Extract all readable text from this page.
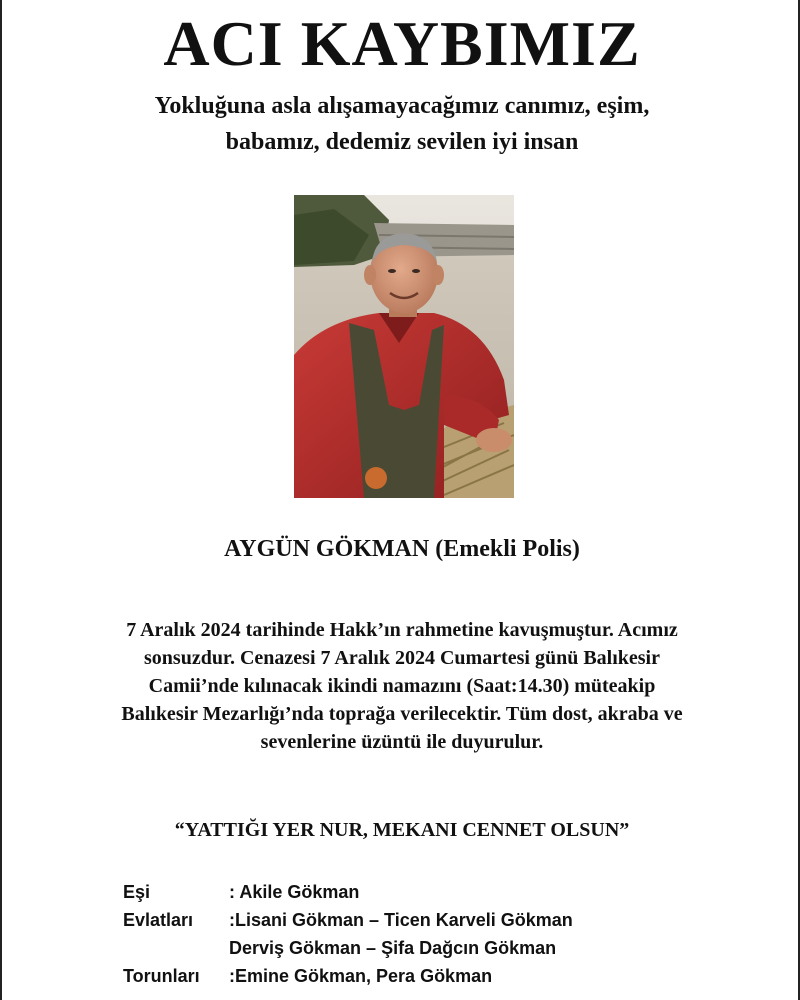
ACI KAYBIMIZ
Yokluğuna asla alışamayacağımız canımız, eşim,
babamız, dedemiz sevilen iyi insan
AYGÜN GÖKMAN (Emekli Polis)
7 Aralık 2024 tarihinde Hakk’ın rahmetine kavuşmuştur. Acımız
sonsuzdur. Cenazesi 7 Aralık 2024 Cumartesi günü Balıkesir
Camii’nde kılınacak ikindi namazını (Saat:14.30) müteakip
Balıkesir Mezarlığı’nda toprağa verilecektir. Tüm dost, akraba ve
sevenlerine üzüntü ile duyurulur.
“YATTIĞI YER NUR, MEKANI CENNET OLSUN”
Eşi	: Akile Gökman
Evlatları	:Lisani Gökman – Ticen Karveli Gökman
Derviş Gökman – Şifa Dağcın Gökman
Torunları	:Emine Gökman, Pera Gökman
